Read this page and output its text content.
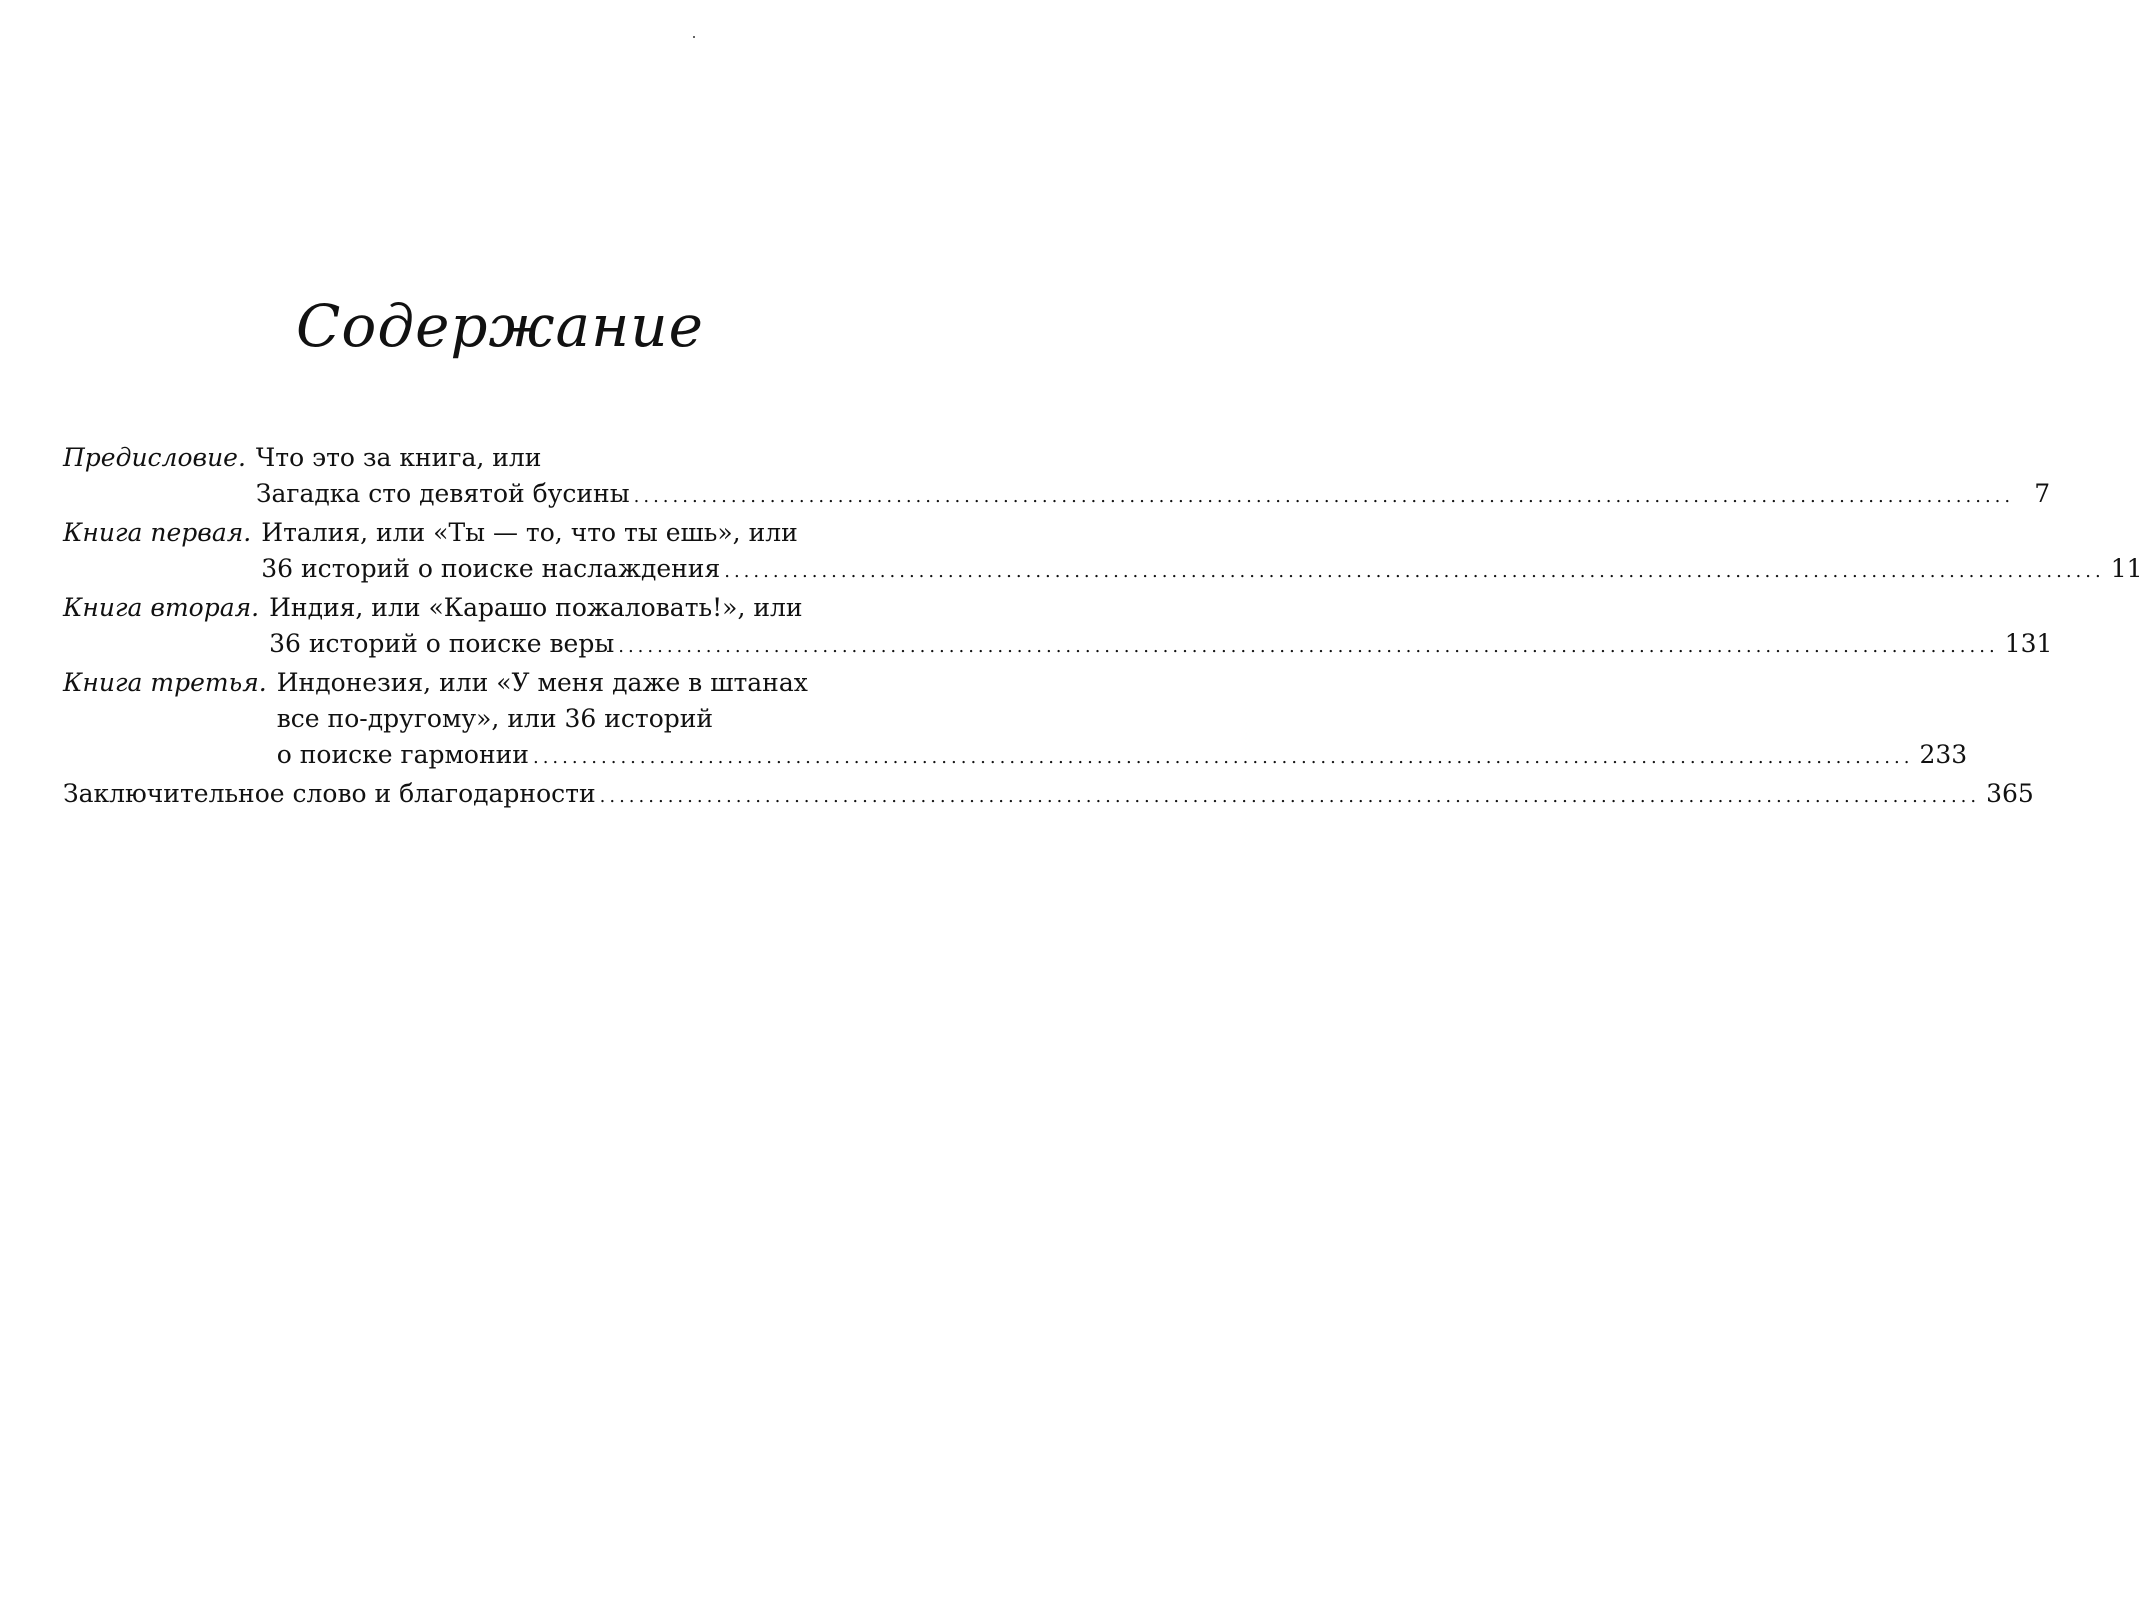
Содержание
Предисловие. Что это за книга, или
Загадка сто девятой бусины .....	7
Книга первая. Италия, или «Ты — то, что ты ешь», или
36 историй о поиске наслаждения .....	11
Книга вторая. Индия, или «Карашо пожаловать!», или
36 историй о поиске веры .....	131
Книга третья. Индонезия, или «У меня даже в штанах
все по-другому», или 36 историй
о поиске гармонии .....	233
Заключительное слово и благодарности .....	365
